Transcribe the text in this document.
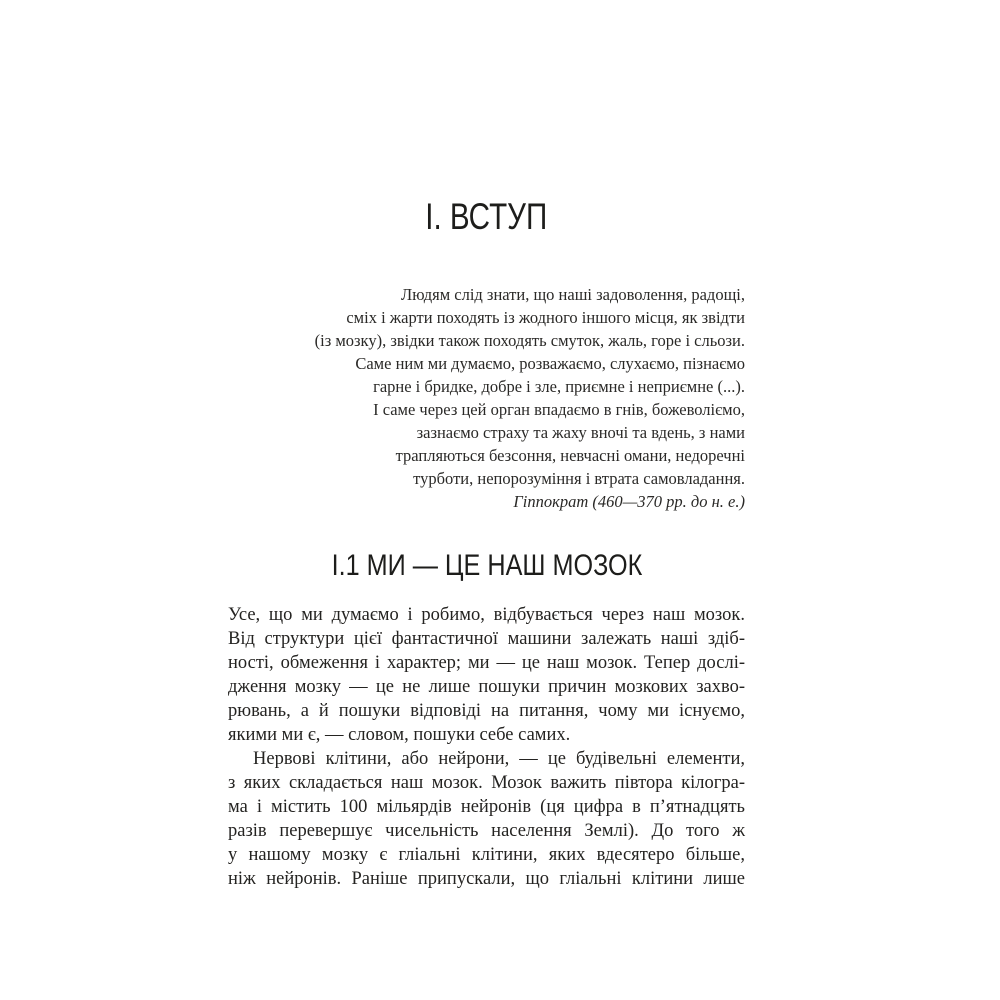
І. ВСТУП
Людям слід знати, що наші задоволення, радощі,
сміх і жарти походять із жодного іншого місця, як звідти
(із мозку), звідки також походять смуток, жаль, горе і сльози.
Саме ним ми думаємо, розважаємо, слухаємо, пізнаємо
гарне і бридке, добре і зле, приємне і неприємне (...).
І саме через цей орган впадаємо в гнів, божеволіємо,
зазнаємо страху та жаху вночі та вдень, з нами
трапляються безсоння, невчасні омани, недоречні
турботи, непорозуміння і втрата самовладання.
Гіппократ (460—370 рр. до н. е.)
І.1 МИ — ЦЕ НАШ МОЗОК
Усе, що ми думаємо і робимо, відбувається через наш мозок.
Від структури цієї фантастичної машини залежать наші здіб-
ності, обмеження і характер; ми — це наш мозок. Тепер дослі-
дження мозку — це не лише пошуки причин мозкових захво-
рювань, а й пошуки відповіді на питання, чому ми існуємо,
якими ми є, — словом, пошуки себе самих.
Нервові клітини, або нейрони, — це будівельні елементи,
з яких складається наш мозок. Мозок важить півтора кілогра-
ма і містить 100 мільярдів нейронів (ця цифра в п’ятнадцять
разів перевершує чисельність населення Землі). До того ж
у нашому мозку є гліальні клітини, яких вдесятеро більше,
ніж нейронів. Раніше припускали, що гліальні клітини лише
